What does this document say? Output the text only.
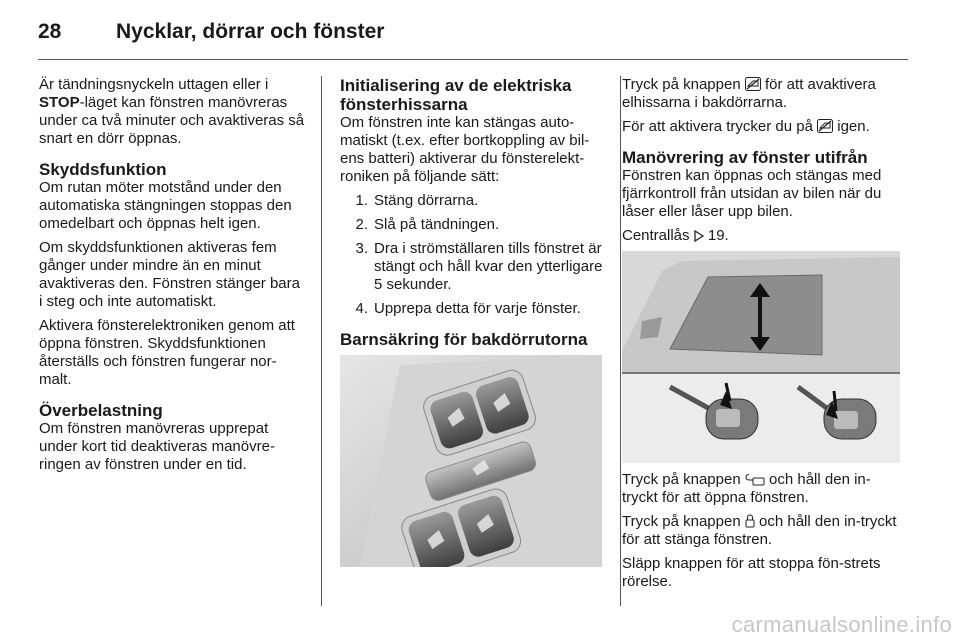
28	Nycklar, dörrar och fönster

Är tändningsnyckeln uttagen eller i STOP-läget kan fönstren manövreras under ca två minuter och avaktiveras så snart en dörr öppnas.

Skyddsfunktion

Om rutan möter motstånd under den automatiska stängningen stoppas den omedelbart och öppnas helt igen.

Om skyddsfunktionen aktiveras fem gånger under mindre än en minut avaktiveras den. Fönstren stänger bara i steg och inte automatiskt.

Aktivera fönsterelektroniken genom att öppna fönstren. Skyddsfunktionen återställs och fönstren fungerar nor-malt.

Överbelastning

Om fönstren manövreras upprepat under kort tid deaktiveras manövre-ringen av fönstren under en tid.

Initialisering av de elektriska fönsterhissarna

Om fönstren inte kan stängas auto-matiskt (t.ex. efter bortkoppling av bil-ens batteri) aktiverar du fönsterelekt-roniken på följande sätt:

1. Stäng dörrarna.
2. Slå på tändningen.
3. Dra i strömställaren tills fönstret är stängt och håll kvar den ytterligare 5 sekunder.
4. Upprepa detta för varje fönster.
Barnsäkring för bakdörrutorna

Tryck på knappen  för att avaktivera elhissarna i bakdörrarna.

För att aktivera trycker du på  igen.

Manövrering av fönster utifrån

Fönstren kan öppnas och stängas med fjärrkontroll från utsidan av bilen när du låser eller låser upp bilen.

Centrallås  19.

Tryck på knappen  och håll den in-tryckt för att öppna fönstren.

Tryck på knappen  och håll den in-tryckt för att stänga fönstren.

Släpp knappen för att stoppa fön-strets rörelse.

carmanualsonline.info
